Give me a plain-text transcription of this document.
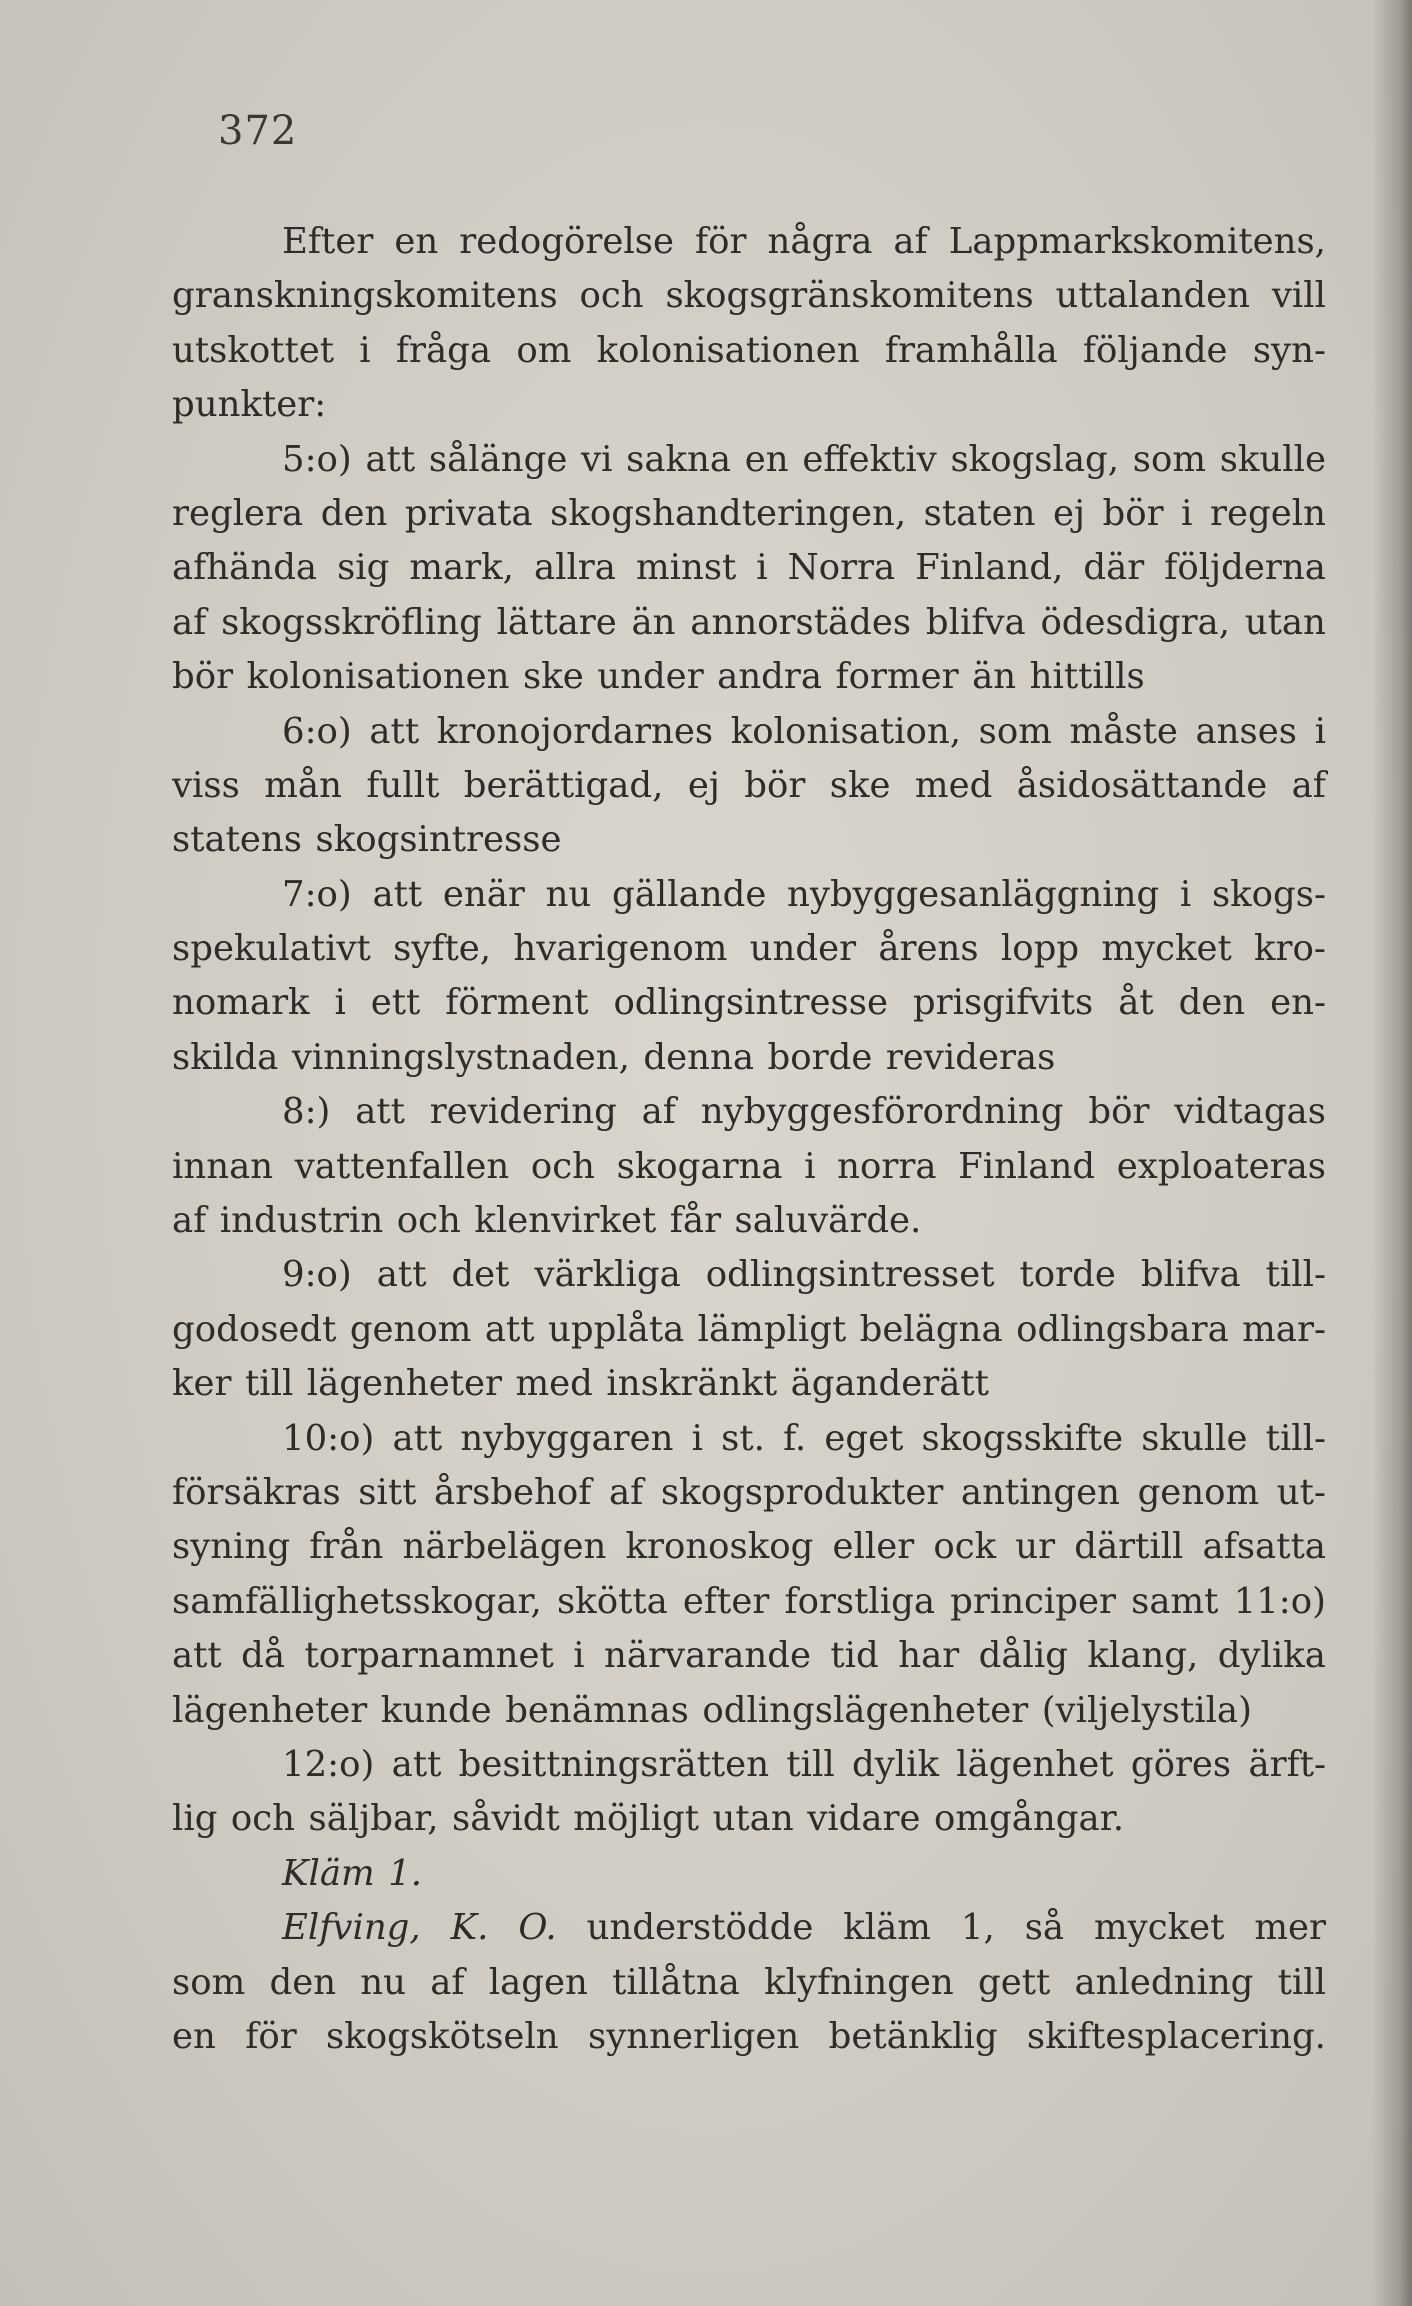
372
Efter en redogörelse för några af Lappmarkskomitens,
granskningskomitens och skogsgränskomitens uttalanden vill
utskottet i fråga om kolonisationen framhålla följande syn-
punkter:
5:o) att sålänge vi sakna en effektiv skogslag, som skulle
reglera den privata skogshandteringen, staten ej bör i regeln
afhända sig mark, allra minst i Norra Finland, där följderna
af skogsskröfling lättare än annorstädes blifva ödesdigra, utan
bör kolonisationen ske under andra former än hittills
6:o) att kronojordarnes kolonisation, som måste anses i
viss mån fullt berättigad, ej bör ske med åsidosättande af
statens skogsintresse
7:o) att enär nu gällande nybyggesanläggning i skogs-
spekulativt syfte, hvarigenom under årens lopp mycket kro-
nomark i ett förment odlingsintresse prisgifvits åt den en-
skilda vinningslystnaden, denna borde revideras
8:) att revidering af nybyggesförordning bör vidtagas
innan vattenfallen och skogarna i norra Finland exploateras
af industrin och klenvirket får saluvärde.
9:o) att det värkliga odlingsintresset torde blifva till-
godosedt genom att upplåta lämpligt belägna odlingsbara mar-
ker till lägenheter med inskränkt äganderätt
10:o) att nybyggaren i st. f. eget skogsskifte skulle till-
försäkras sitt årsbehof af skogsprodukter antingen genom ut-
syning från närbelägen kronoskog eller ock ur därtill afsatta
samfällighetsskogar, skötta efter forstliga principer samt 11:o)
att då torparnamnet i närvarande tid har dålig klang, dylika
lägenheter kunde benämnas odlingslägenheter (viljelystila)
12:o) att besittningsrätten till dylik lägenhet göres ärft-
lig och säljbar, såvidt möjligt utan vidare omgångar.
Kläm 1.
Elfving, K. O. understödde kläm 1, så mycket mer
som den nu af lagen tillåtna klyfningen gett anledning till
en för skogskötseln synnerligen betänklig skiftesplacering.
